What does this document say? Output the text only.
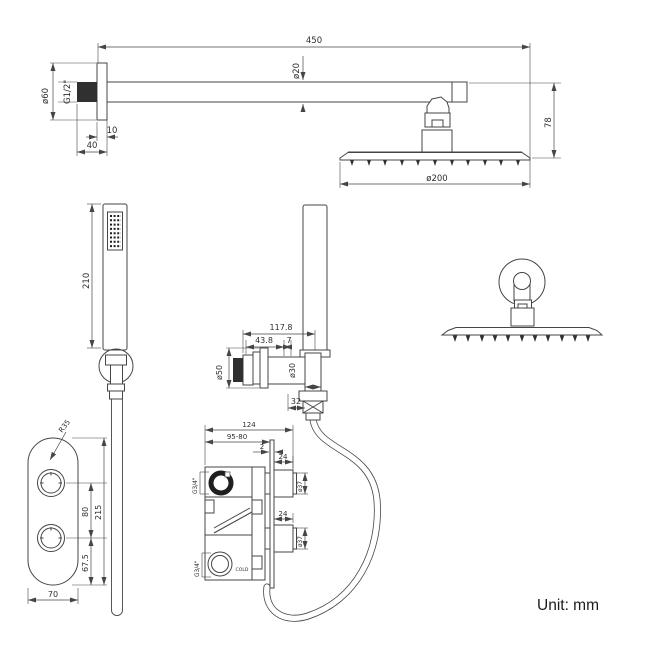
450
ø20
ø60 G1/2"
10
40
78
ø200
210
117.8
43.8 7
ø50 G1/2"	ø30
32
R35
80
67.5
215
70
COLD
124
95-80
2
24
ø37
24
ø37
G3/4"
G3/4"
Unit: mm
